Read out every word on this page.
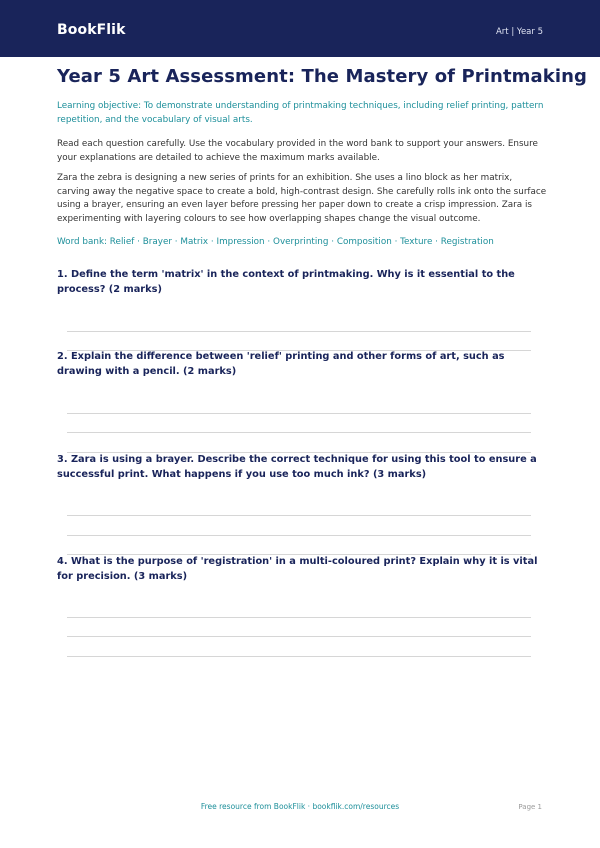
BookFlik	Art | Year 5
Year 5 Art Assessment: The Mastery of Printmaking

Learning objective: To demonstrate understanding of printmaking techniques, including relief printing, pattern repetition, and the vocabulary of visual arts.

Read each question carefully. Use the vocabulary provided in the word bank to support your answers. Ensure your explanations are detailed to achieve the maximum marks available.

Zara the zebra is designing a new series of prints for an exhibition. She uses a lino block as her matrix, carving away the negative space to create a bold, high-contrast design. She carefully rolls ink onto the surface using a brayer, ensuring an even layer before pressing her paper down to create a crisp impression. Zara is experimenting with layering colours to see how overlapping shapes change the visual outcome.

Word bank: Relief · Brayer · Matrix · Impression · Overprinting · Composition · Texture · Registration

1. Define the term 'matrix' in the context of printmaking. Why is it essential to the process? (2 marks)

2. Explain the difference between 'relief' printing and other forms of art, such as drawing with a pencil. (2 marks)

3. Zara is using a brayer. Describe the correct technique for using this tool to ensure a successful print. What happens if you use too much ink? (3 marks)

4. What is the purpose of 'registration' in a multi-coloured print? Explain why it is vital for precision. (3 marks)

Free resource from BookFlik · bookflik.com/resources	Page 1
